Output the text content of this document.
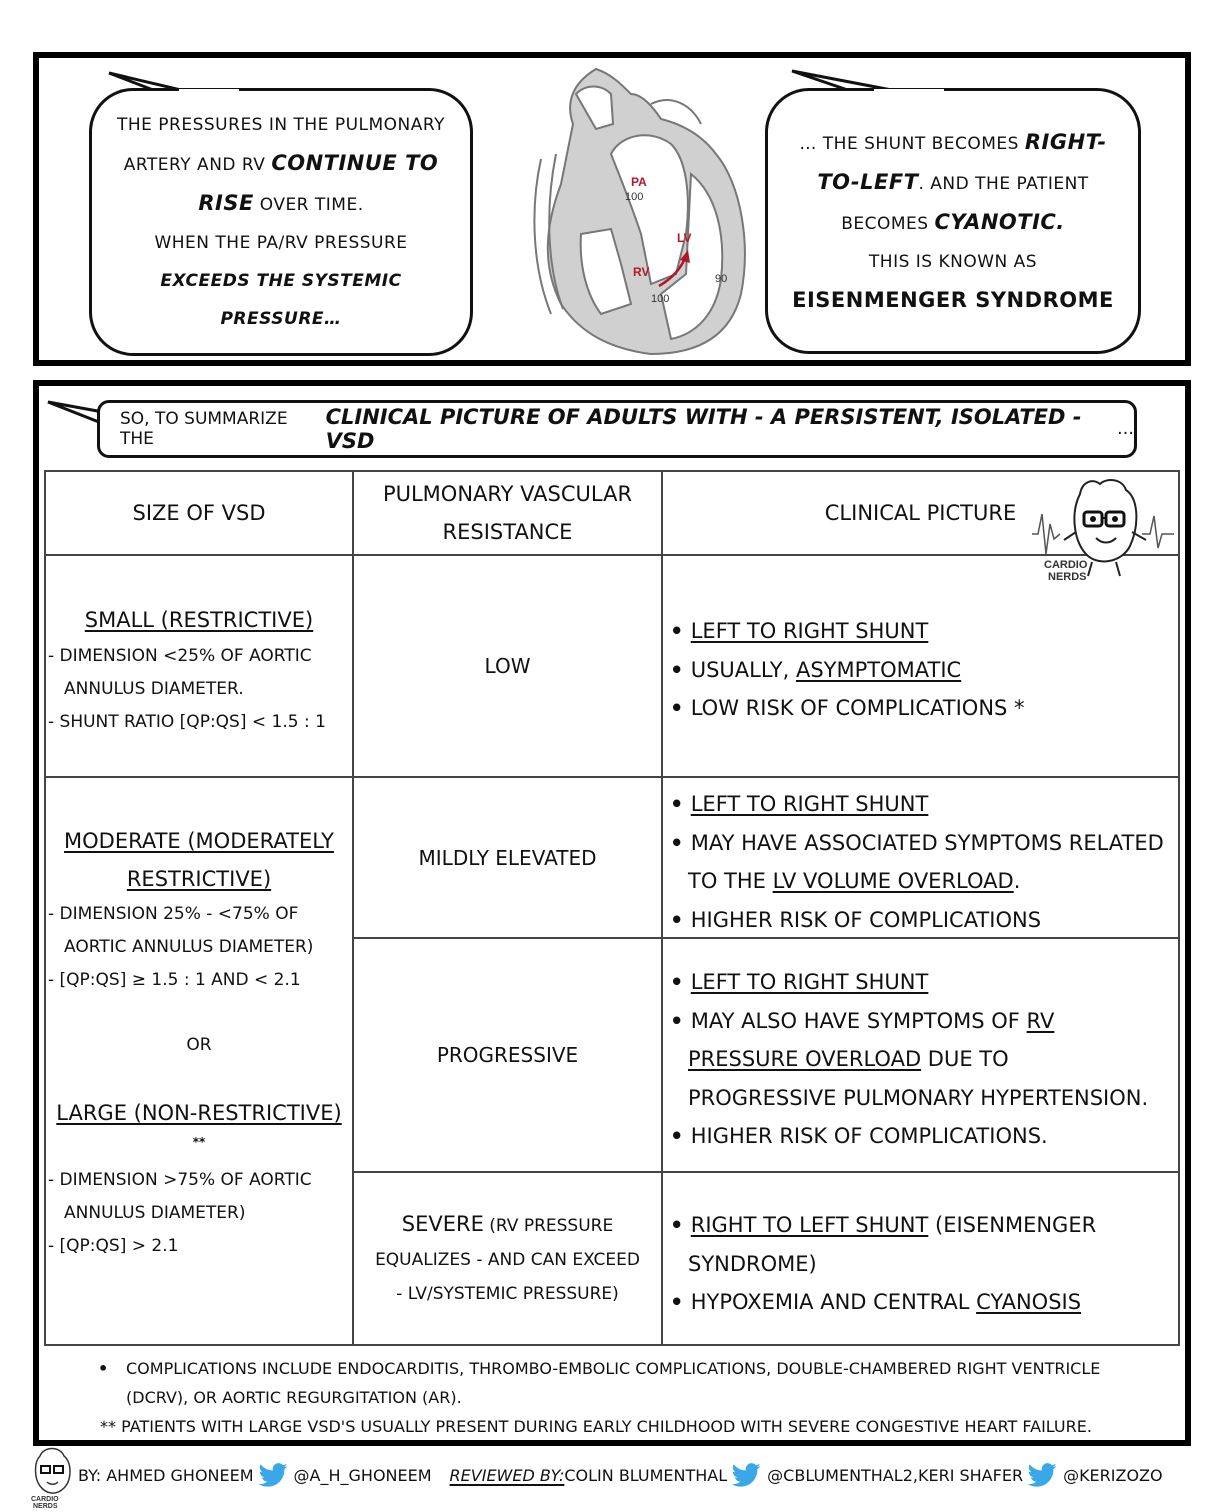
THE PRESSURES IN THE PULMONARY
ARTERY AND RV CONTINUE TO
RISE OVER TIME.
WHEN THE PA/RV PRESSURE
EXCEEDS THE SYSTEMIC
PRESSURE…
PA
100
LV
RV	90
100
… THE SHUNT BECOMES RIGHT-
TO-LEFT. AND THE PATIENT
BECOMES CYANOTIC.
THIS IS KNOWN AS
EISENMENGER SYNDROME
SO, TO SUMMARIZE THE
CLINICAL PICTURE OF ADULTS WITH - A PERSISTENT, ISOLATED - VSD	…
SIZE OF VSD
PULMONARY VASCULAR
RESISTANCE
CLINICAL PICTURE
CARDIO
NERDS
SMALL (RESTRICTIVE)
- DIMENSION <25% OF AORTIC
ANNULUS DIAMETER.
- SHUNT RATIO [QP:QS] < 1.5 : 1
LOW
• LEFT TO RIGHT SHUNT
• USUALLY, ASYMPTOMATIC
• LOW RISK OF COMPLICATIONS *
MODERATE (MODERATELY
RESTRICTIVE)
- DIMENSION 25% - <75% OF
AORTIC ANNULUS DIAMETER)
- [QP:QS] ≥ 1.5 : 1 AND < 2.1
OR
LARGE (NON-RESTRICTIVE)
**
- DIMENSION >75% OF AORTIC
ANNULUS DIAMETER)
- [QP:QS] > 2.1
MILDLY ELEVATED
• LEFT TO RIGHT SHUNT
• MAY HAVE ASSOCIATED SYMPTOMS RELATED
TO THE LV VOLUME OVERLOAD.
• HIGHER RISK OF COMPLICATIONS
PROGRESSIVE
• LEFT TO RIGHT SHUNT
• MAY ALSO HAVE SYMPTOMS OF RV
PRESSURE OVERLOAD DUE TO
PROGRESSIVE PULMONARY HYPERTENSION.
• HIGHER RISK OF COMPLICATIONS.
SEVERE (RV PRESSURE
EQUALIZES - AND CAN EXCEED
- LV/SYSTEMIC PRESSURE)
• RIGHT TO LEFT SHUNT (EISENMENGER
SYNDROME)
• HYPOXEMIA AND CENTRAL CYANOSIS
• COMPLICATIONS INCLUDE ENDOCARDITIS, THROMBO-EMBOLIC COMPLICATIONS, DOUBLE-CHAMBERED RIGHT VENTRICLE
(DCRV), OR AORTIC REGURGITATION (AR).
** PATIENTS WITH LARGE VSD'S USUALLY PRESENT DURING EARLY CHILDHOOD WITH SEVERE CONGESTIVE HEART FAILURE.
CARDIO
NERDS
BY: AHMED GHONEEM	@A_H_GHONEEM REVIEWED BY: COLIN BLUMENTHAL	@CBLUMENTHAL2, KERI SHAFER	@KERIZOZO
